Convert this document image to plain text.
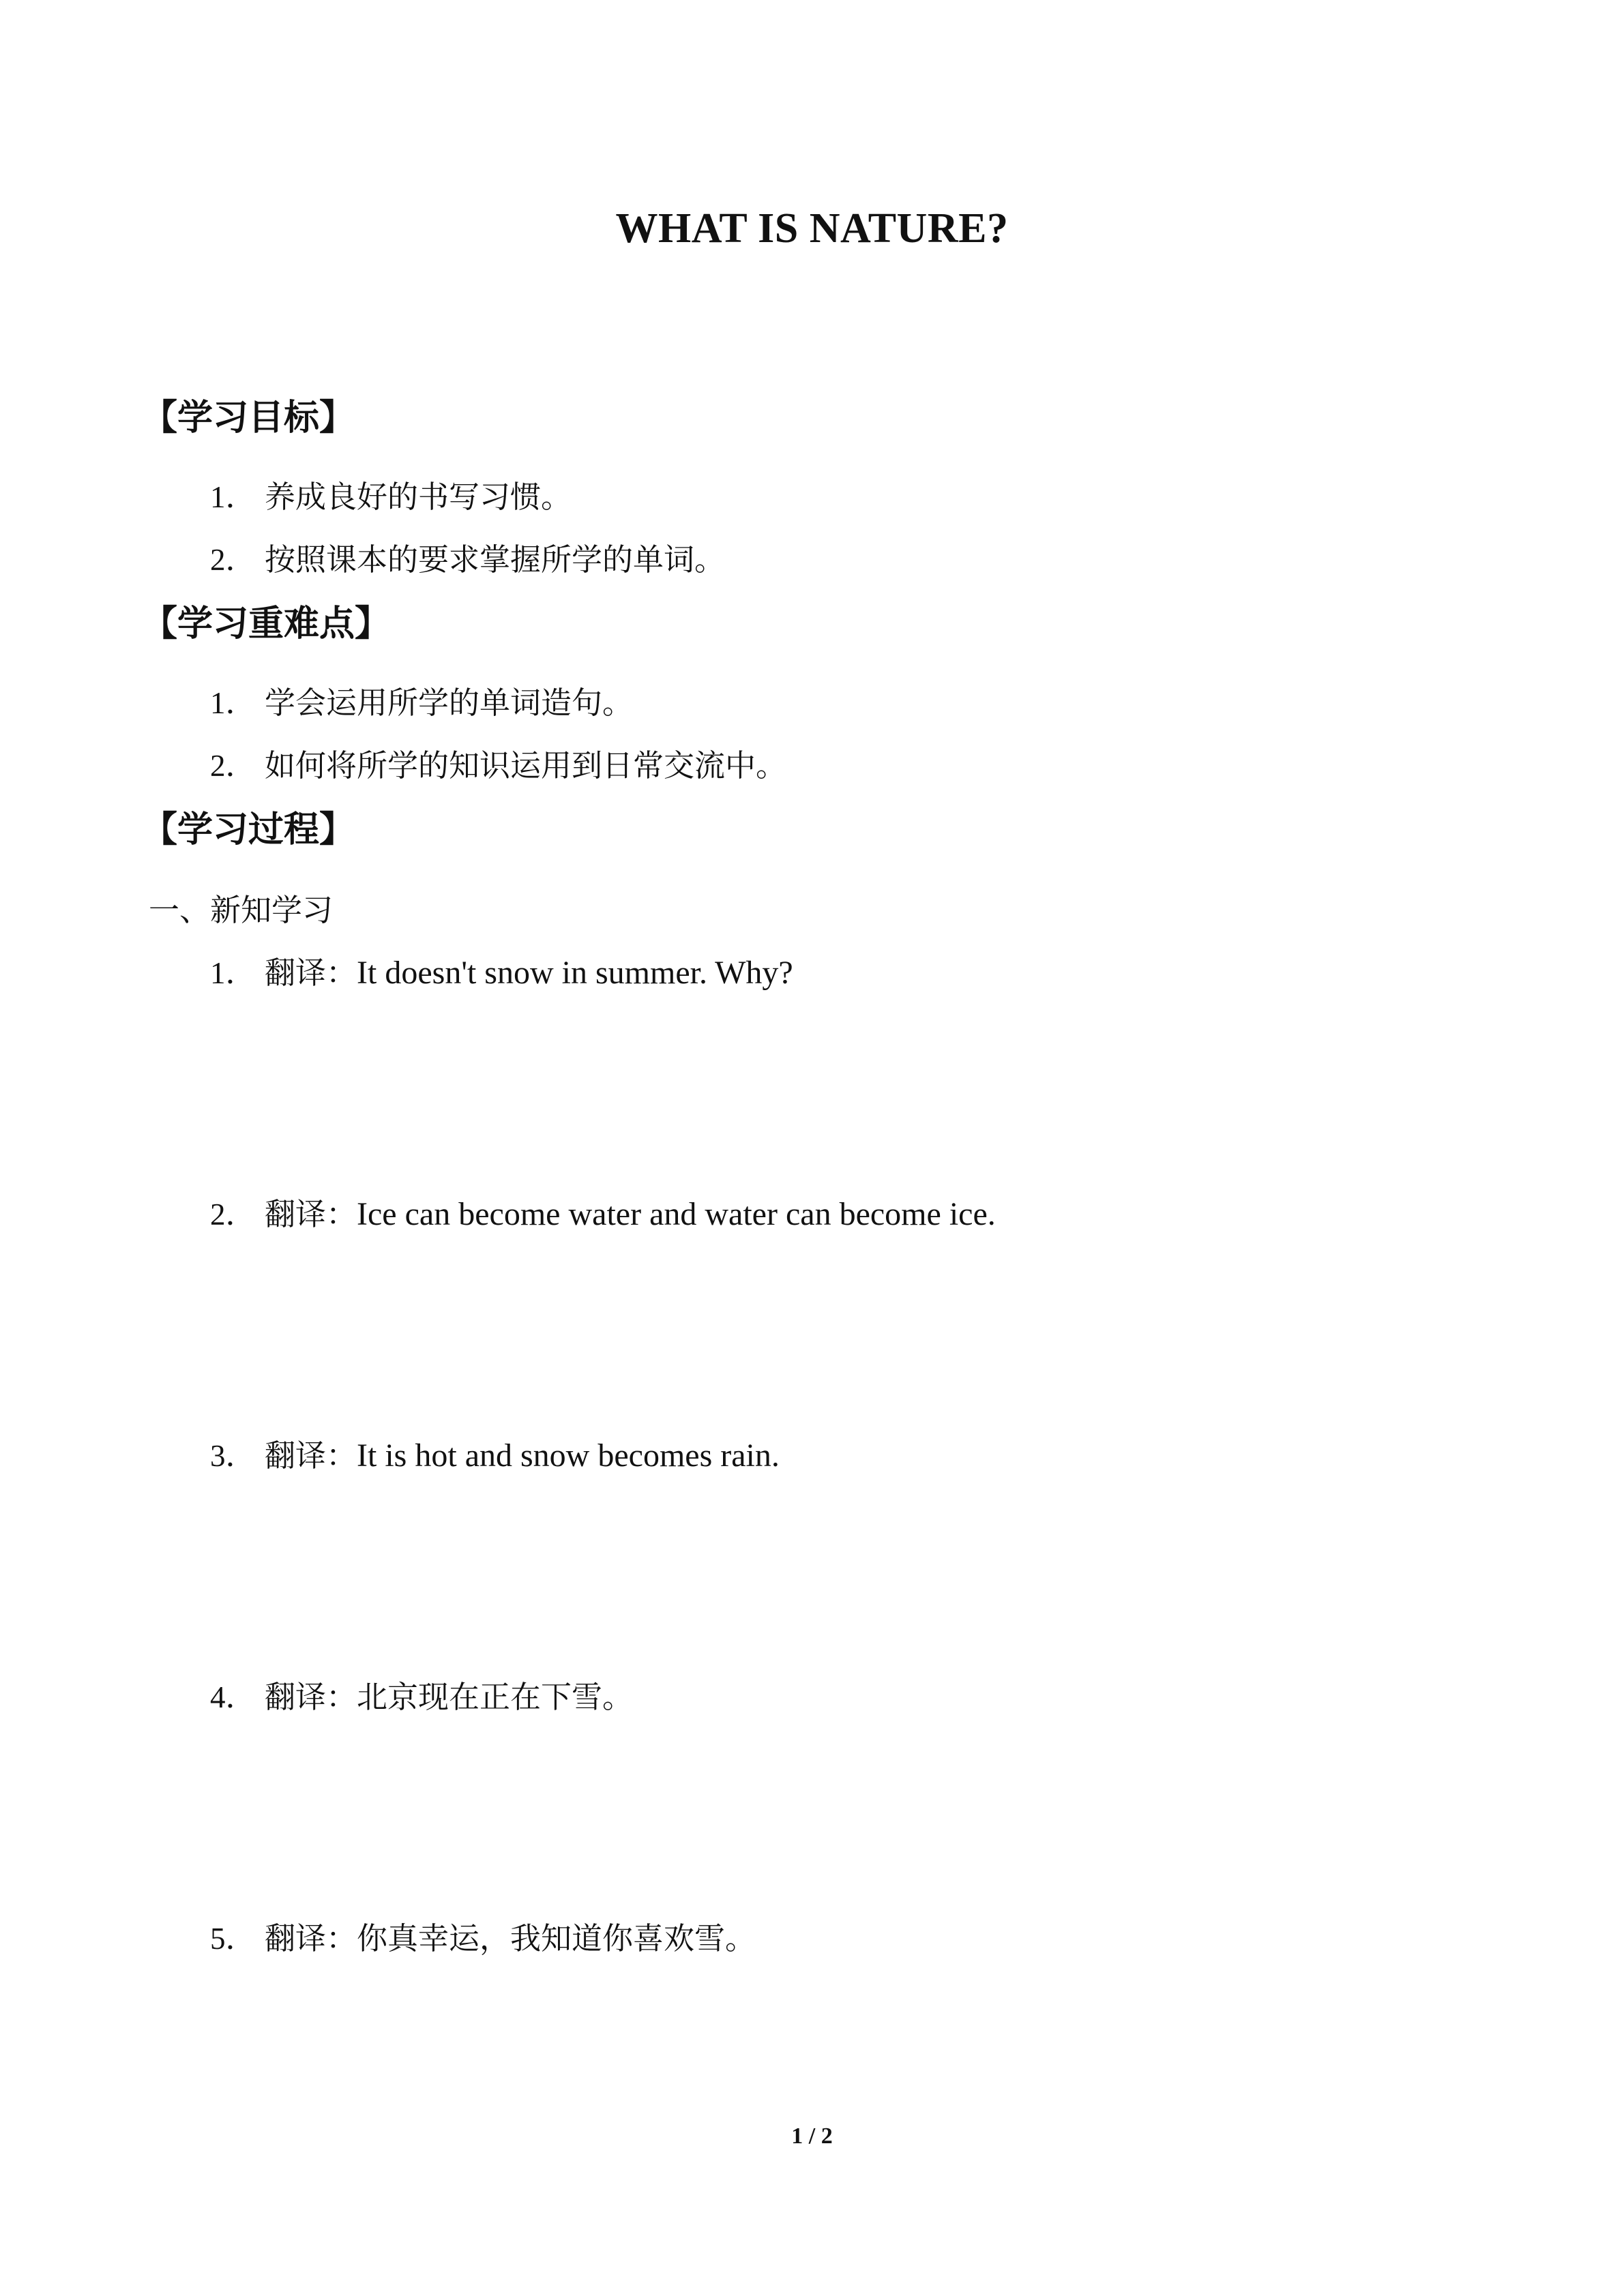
WHAT IS NATURE?
【学习目标】
1． 养成良好的书写习惯。
2． 按照课本的要求掌握所学的单词。
【学习重难点】
1． 学会运用所学的单词造句。
2． 如何将所学的知识运用到日常交流中。
【学习过程】
一、新知学习
1． 翻译：It doesn't snow in summer. Why?
2． 翻译：Ice can become water and water can become ice.
3． 翻译：It is hot and snow becomes rain.
4． 翻译：北京现在正在下雪。
5． 翻译：你真幸运，我知道你喜欢雪。
1 / 2
